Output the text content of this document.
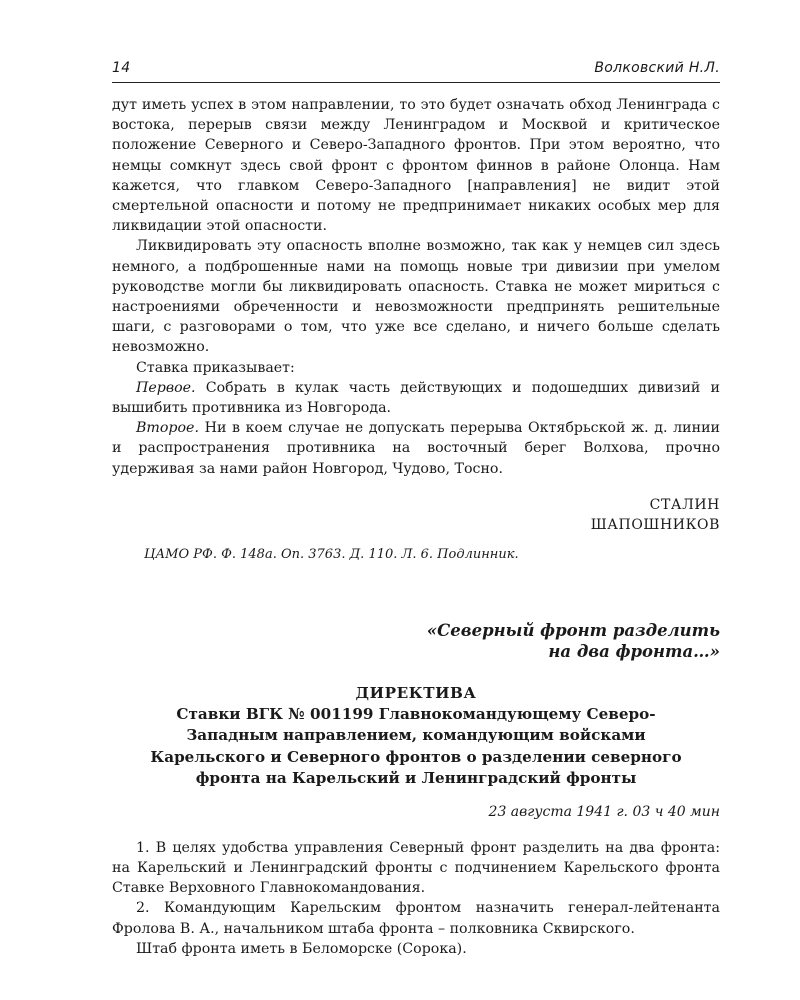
14	Волковский Н.Л.

дут иметь успех в этом направлении, то это будет означать обход Ленинграда с востока, перерыв связи между Ленинградом и Москвой и критическое положение Северного и Северо-Западного фронтов. При этом вероятно, что немцы сомкнут здесь свой фронт с фронтом финнов в районе Олонца. Нам кажется, что главком Северо-Западного [направления] не видит этой смертельной опасности и потому не предпринимает никаких особых мер для ликвидации этой опасности.

Ликвидировать эту опасность вполне возможно, так как у немцев сил здесь немного, а подброшенные нами на помощь новые три дивизии при умелом руководстве могли бы ликвидировать опасность. Ставка не может мириться с настроениями обреченности и невозможности предпринять решительные шаги, с разговорами о том, что уже все сделано, и ничего больше сделать невозможно.

Ставка приказывает:

Первое. Собрать в кулак часть действующих и подошедших дивизий и вышибить противника из Новгорода.

Второе. Ни в коем случае не допускать перерыва Октябрьской ж. д. линии и распространения противника на восточный берег Волхова, прочно удерживая за нами район Новгород, Чудово, Тосно.

СТАЛИН
ШАПОШНИКОВ
ЦАМО РФ. Ф. 148а. Оп. 3763. Д. 110. Л. 6. Подлинник.
«Северный фронт разделить
на два фронта…»
ДИРЕКТИВА
Ставки ВГК № 001199 Главнокомандующему Северо-
Западным направлением, командующим войсками
Карельского и Северного фронтов о разделении северного
фронта на Карельский и Ленинградский фронты
23 августа 1941 г. 03 ч 40 мин

1. В целях удобства управления Северный фронт разделить на два фронта: на Карельский и Ленинградский фронты с подчинением Карельского фронта Ставке Верховного Главнокомандования.

2. Командующим Карельским фронтом назначить генерал-лейтенанта Фролова В. А., начальником штаба фронта – полковника Сквирского.

Штаб фронта иметь в Беломорске (Сорока).
